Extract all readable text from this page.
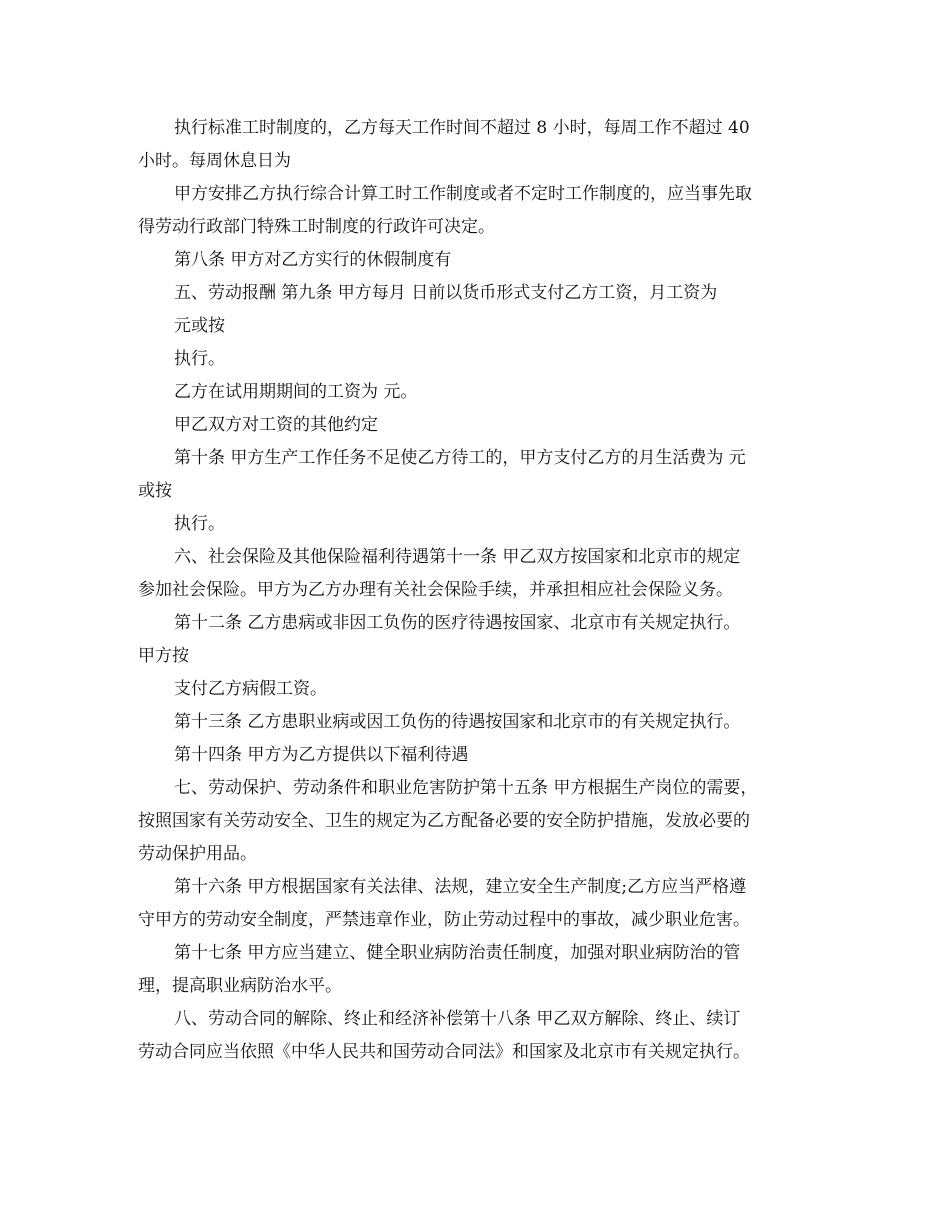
执行标准工时制度的，乙方每天工作时间不超过 8 小时，每周工作不超过 40

小时。每周休息日为

甲方安排乙方执行综合计算工时工作制度或者不定时工作制度的，应当事先取

得劳动行政部门特殊工时制度的行政许可决定。

第八条 甲方对乙方实行的休假制度有

五、劳动报酬 第九条 甲方每月 日前以货币形式支付乙方工资，月工资为

元或按

执行。

乙方在试用期期间的工资为 元。

甲乙双方对工资的其他约定

第十条 甲方生产工作任务不足使乙方待工的，甲方支付乙方的月生活费为 元

或按

执行。

六、社会保险及其他保险福利待遇第十一条 甲乙双方按国家和北京市的规定

参加社会保险。甲方为乙方办理有关社会保险手续，并承担相应社会保险义务。

第十二条 乙方患病或非因工负伤的医疗待遇按国家、北京市有关规定执行。

甲方按

支付乙方病假工资。

第十三条 乙方患职业病或因工负伤的待遇按国家和北京市的有关规定执行。

第十四条 甲方为乙方提供以下福利待遇

七、劳动保护、劳动条件和职业危害防护第十五条 甲方根据生产岗位的需要，

按照国家有关劳动安全、卫生的规定为乙方配备必要的安全防护措施，发放必要的

劳动保护用品。

第十六条 甲方根据国家有关法律、法规，建立安全生产制度;乙方应当严格遵

守甲方的劳动安全制度，严禁违章作业，防止劳动过程中的事故，减少职业危害。

第十七条 甲方应当建立、健全职业病防治责任制度，加强对职业病防治的管

理，提高职业病防治水平。

八、劳动合同的解除、终止和经济补偿第十八条 甲乙双方解除、终止、续订

劳动合同应当依照《中华人民共和国劳动合同法》和国家及北京市有关规定执行。
